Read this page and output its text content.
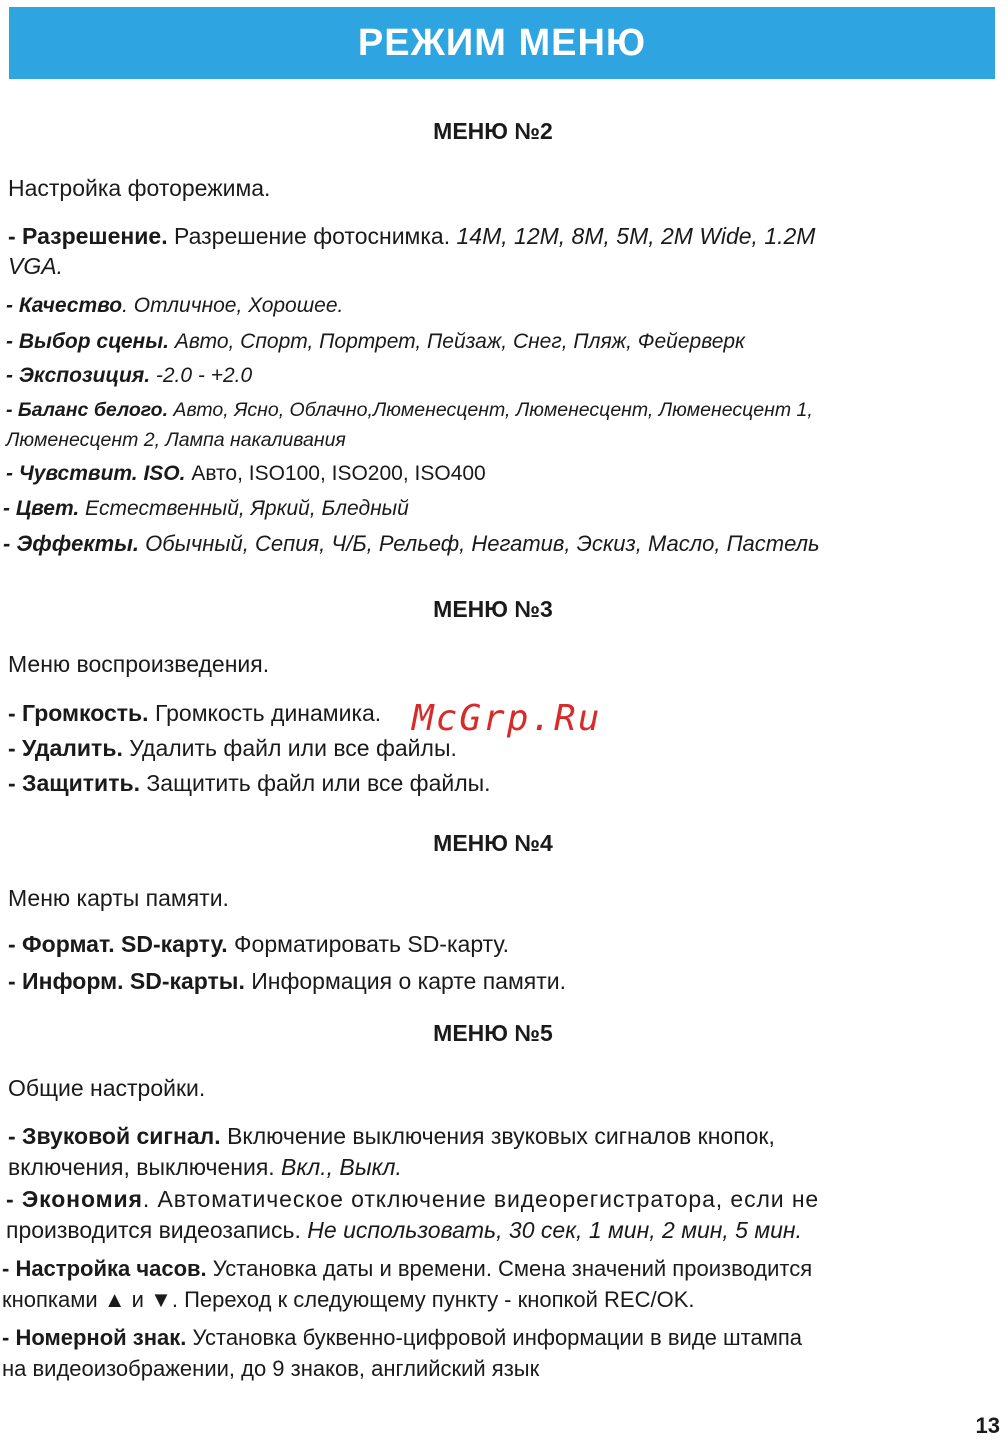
РЕЖИМ МЕНЮ
МЕНЮ №2
Настройка фоторежима.
- Разрешение. Разрешение фотоснимка. 14M, 12M, 8M, 5M, 2M Wide, 1.2M
VGA.
- Качество. Отличное, Хорошее.
- Выбор сцены. Авто, Спорт, Портрет, Пейзаж, Снег, Пляж, Фейерверк
- Экспозиция. -2.0 - +2.0
- Баланс белого. Авто, Ясно, Облачно,Люменесцент, Люменесцент, Люменесцент 1,
Люменесцент 2, Лампа накаливания
- Чувствит. ISO. Авто, ISO100, ISO200, ISO400
- Цвет. Естественный, Яркий, Бледный
- Эффекты. Обычный, Сепия, Ч/Б, Рельеф, Негатив, Эскиз, Масло, Пастель
МЕНЮ №3
Меню воспроизведения.
- Громкость. Громкость динамика.
- Удалить. Удалить файл или все файлы.
- Защитить. Защитить файл или все файлы.
McGrp.Ru
МЕНЮ №4
Меню карты памяти.
- Формат. SD-карту. Форматировать SD-карту.
- Информ. SD-карты. Информация о карте памяти.
МЕНЮ №5
Общие настройки.
- Звуковой сигнал. Включение выключения звуковых сигналов кнопок,
включения, выключения. Вкл., Выкл.
- Экономия. Автоматическое отключение видеорегистратора, если не
производится видеозапись. Не использовать, 30 сек, 1 мин, 2 мин, 5 мин.
- Настройка часов. Установка даты и времени. Смена значений производится
кнопками ▲ и ▼. Переход к следующему пункту - кнопкой REC/OK.
- Номерной знак. Установка буквенно-цифровой информации в виде штампа
на видеоизображении, до 9 знаков, английский язык
13
